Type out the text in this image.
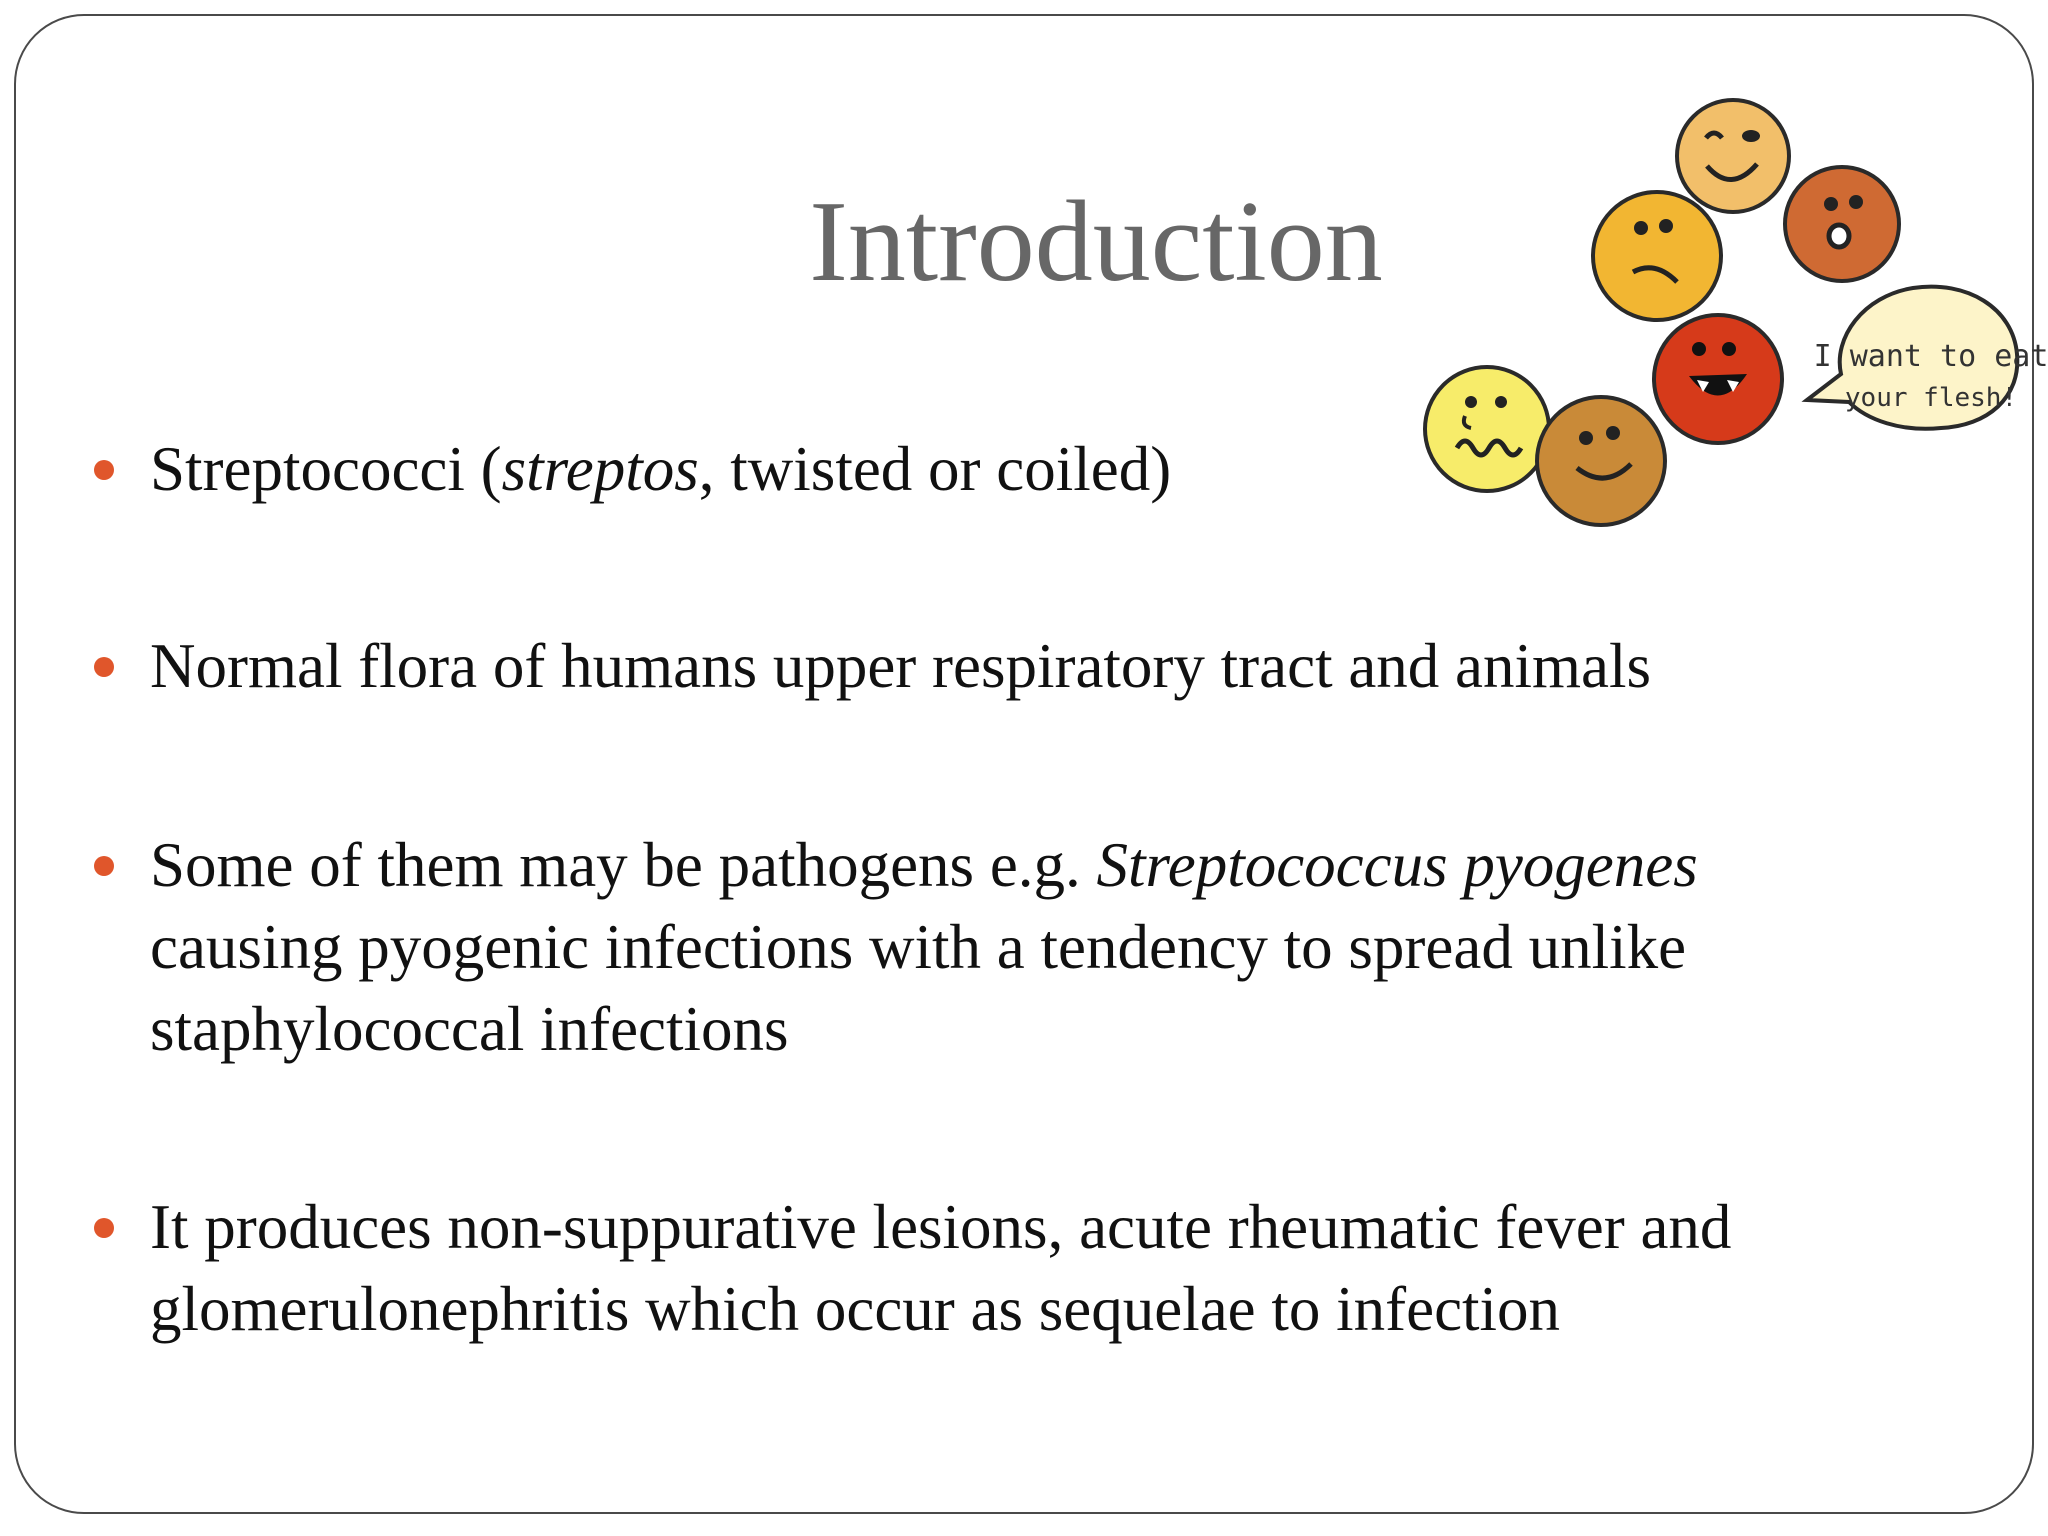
Introduction
I want to eat
your flesh!

Streptococci (streptos, twisted or coiled)

Normal flora of humans upper respiratory tract and animals

Some of them may be pathogens e.g. Streptococcus pyogenes

causing pyogenic infections with a tendency to spread unlike

staphylococcal infections

It produces non-suppurative lesions, acute rheumatic fever and

glomerulonephritis which occur as sequelae to infection
